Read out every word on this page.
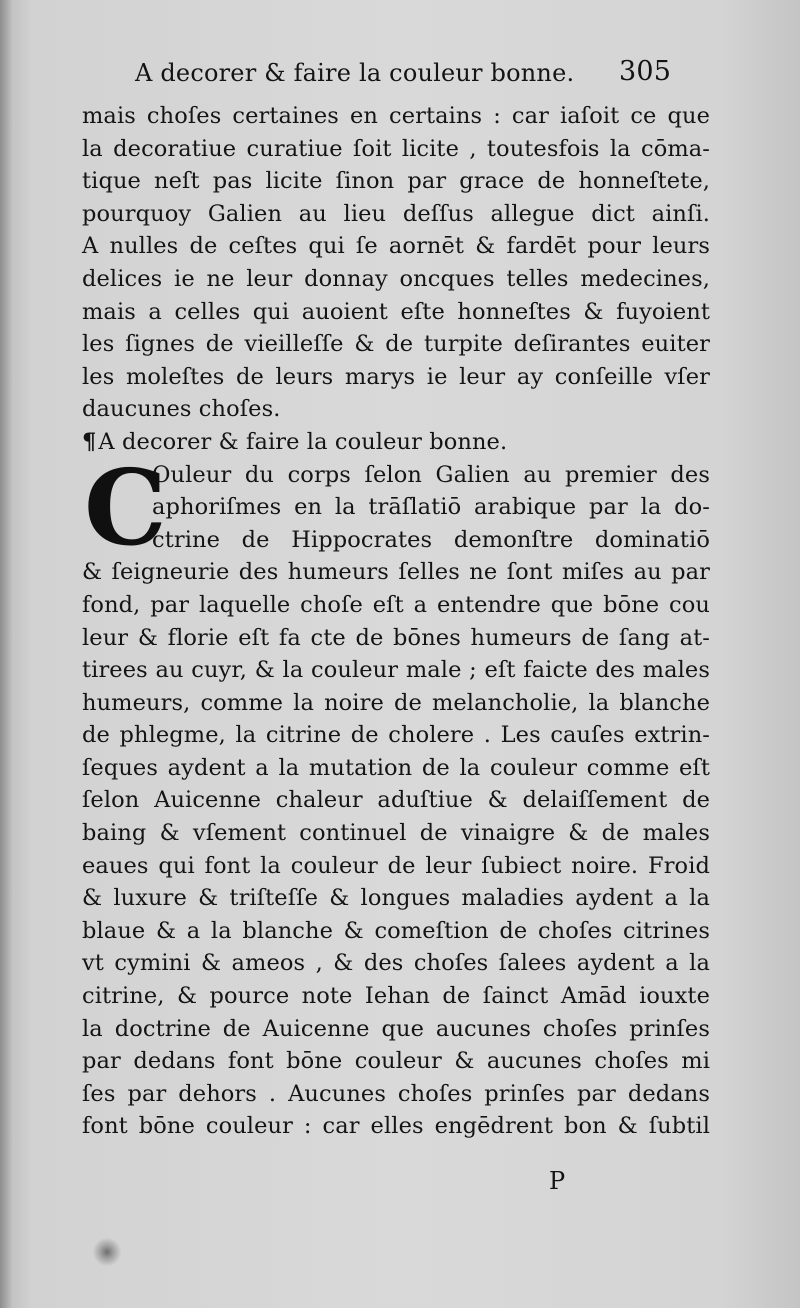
A decorer & faire la couleur bonne. 305
mais choſes certaines en certains : car iaſoit ce que
la decoratiue curatiue ſoit licite , toutesfois la cōma-
tique neſt pas licite ſinon par grace de honneſtete,
pourquoy Galien au lieu deſſus allegue dict ainſi.
A nulles de ceſtes qui ſe aornēt & fardēt pour leurs
delices ie ne leur donnay oncques telles medecines,
mais a celles qui auoient eſte honneſtes & fuyoient
les ſignes de vieilleſſe & de turpite deſirantes euiter
les moleſtes de leurs marys ie leur ay conſeille vſer
daucunes choſes.
¶A decorer & faire la couleur bonne.
Ouleur du corps ſelon Galien au premier des
aphoriſmes en la trāſlatiō arabique par la do-
ctrine de Hippocrates demonſtre dominatiō
& ſeigneurie des humeurs ſelles ne ſont miſes au par
fond, par laquelle choſe eſt a entendre que bōne cou
leur & florie eſt fa cte de bōnes humeurs de ſang at-
tirees au cuyr, & la couleur male ; eſt faicte des males
humeurs, comme la noire de melancholie, la blanche
de phlegme, la citrine de cholere . Les cauſes extrin-
ſeques aydent a la mutation de la couleur comme eſt
ſelon Auicenne chaleur aduſtiue & delaiſſement de
baing & vſement continuel de vinaigre & de males
eaues qui font la couleur de leur ſubiect noire. Froid
& luxure & triſteſſe & longues maladies aydent a la
blaue & a la blanche & comeſtion de choſes citrines
vt cymini & ameos , & des choſes ſalees aydent a la
citrine, & pource note Iehan de ſainct Amād iouxte
la doctrine de Auicenne que aucunes choſes prinſes
par dedans font bōne couleur & aucunes choſes mi
ſes par dehors . Aucunes choſes prinſes par dedans
font bōne couleur : car elles engēdrent bon & ſubtil
C
P
